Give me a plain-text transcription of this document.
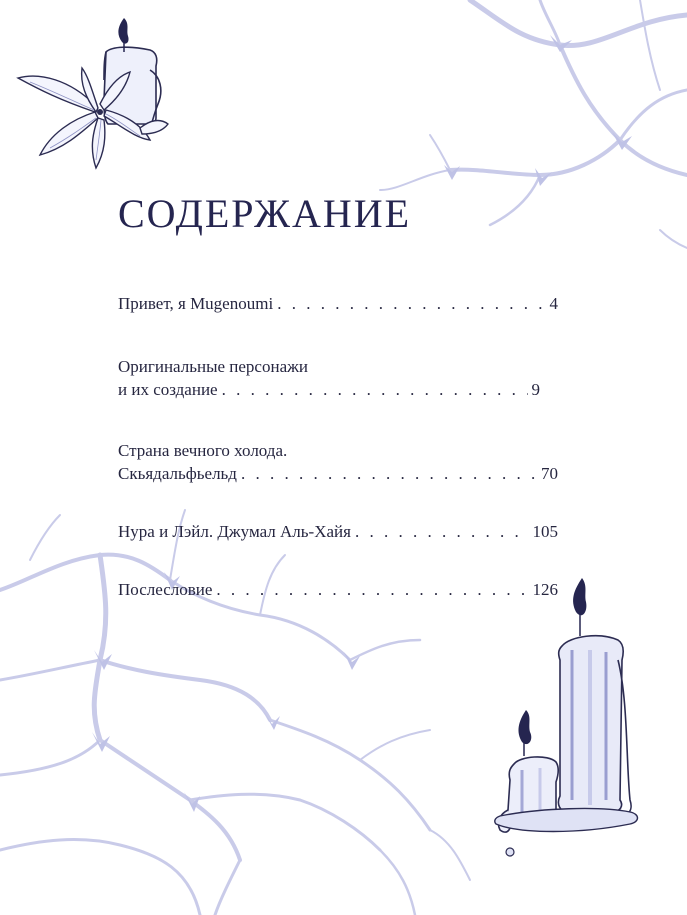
СОДЕРЖАНИЕ
Привет, я Mugenoumi . . .	4
Оригинальные персонажи
и их создание . . .	9
Страна вечного холода.
Скьядальфьельд . . .	70
Нура и Лэйл. Джумал Аль-Хайя . . .	105
Послесловие . . .	126
